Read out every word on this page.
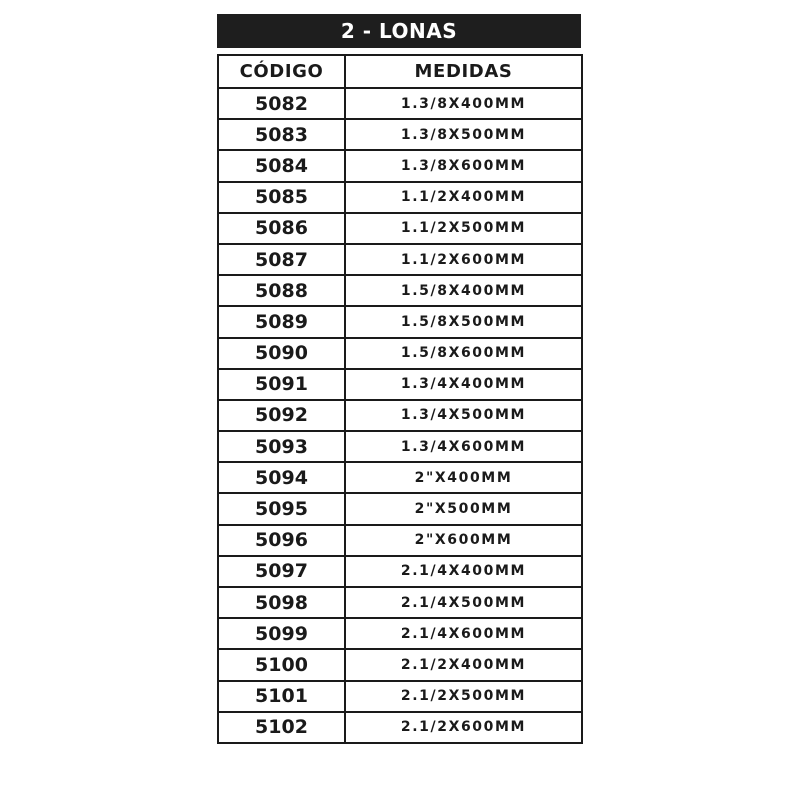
2 - LONAS
CÓDIGO	MEDIDAS
5082	1.3/8X400MM
5083	1.3/8X500MM
5084	1.3/8X600MM
5085	1.1/2X400MM
5086	1.1/2X500MM
5087	1.1/2X600MM
5088	1.5/8X400MM
5089	1.5/8X500MM
5090	1.5/8X600MM
5091	1.3/4X400MM
5092	1.3/4X500MM
5093	1.3/4X600MM
5094	2"X400MM
5095	2"X500MM
5096	2"X600MM
5097	2.1/4X400MM
5098	2.1/4X500MM
5099	2.1/4X600MM
5100	2.1/2X400MM
5101	2.1/2X500MM
5102	2.1/2X600MM
